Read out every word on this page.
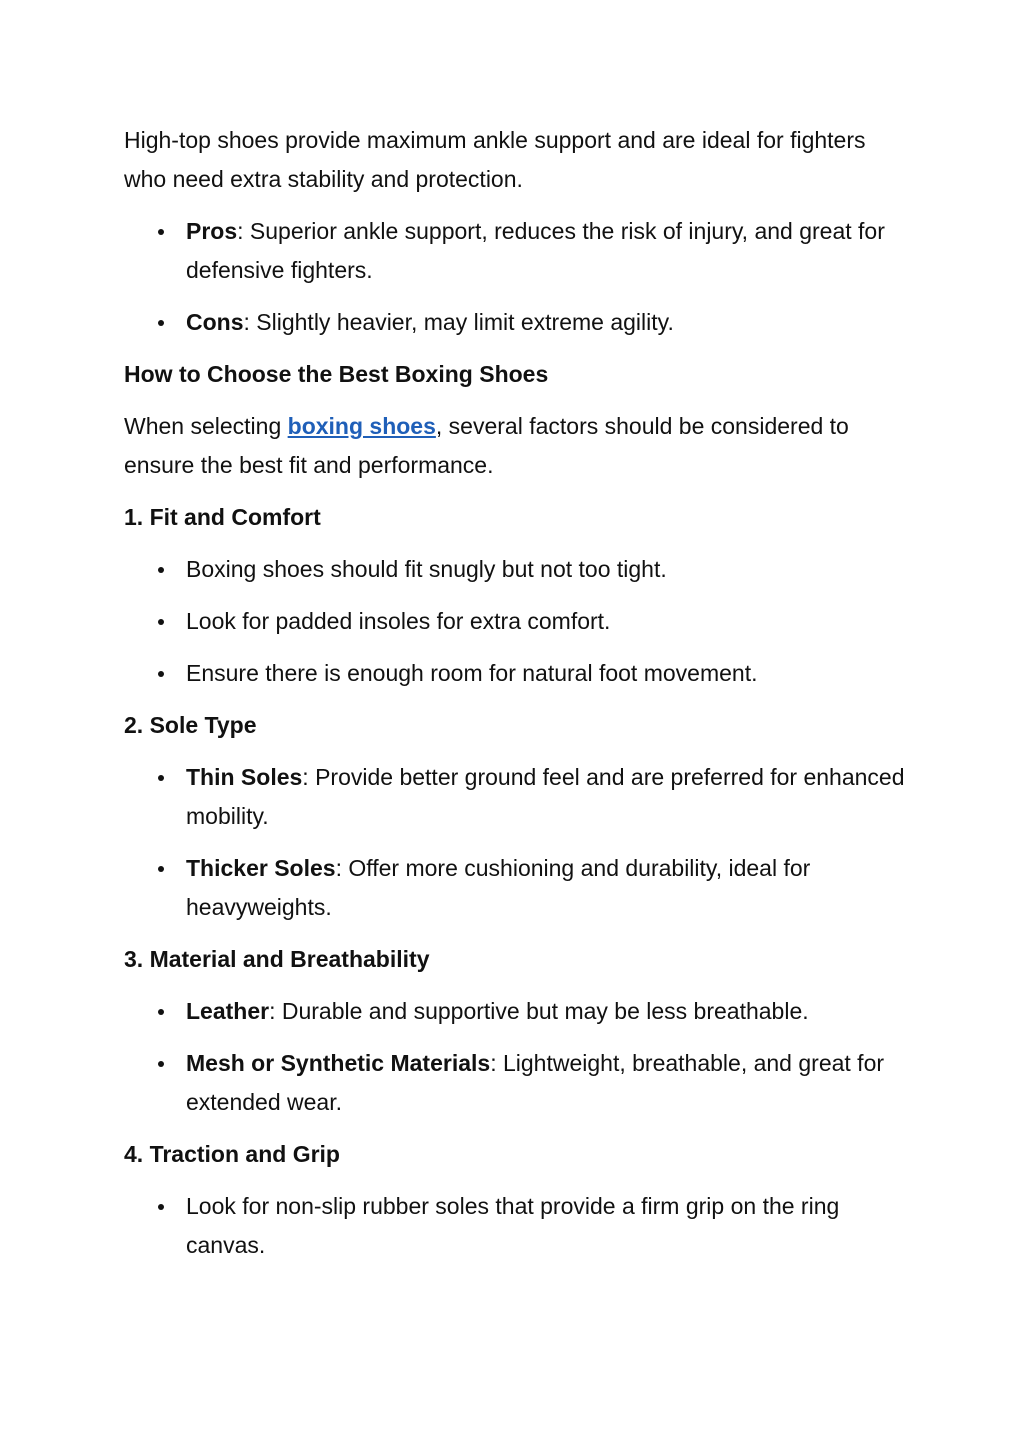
High-top shoes provide maximum ankle support and are ideal for fighters who need extra stability and protection.

Pros: Superior ankle support, reduces the risk of injury, and great for defensive fighters.
Cons: Slightly heavier, may limit extreme agility.
How to Choose the Best Boxing Shoes

When selecting boxing shoes, several factors should be considered to ensure the best fit and performance.

1. Fit and Comfort
Boxing shoes should fit snugly but not too tight.
Look for padded insoles for extra comfort.
Ensure there is enough room for natural foot movement.
2. Sole Type
Thin Soles: Provide better ground feel and are preferred for enhanced mobility.
Thicker Soles: Offer more cushioning and durability, ideal for heavyweights.
3. Material and Breathability
Leather: Durable and supportive but may be less breathable.
Mesh or Synthetic Materials: Lightweight, breathable, and great for extended wear.
4. Traction and Grip
Look for non-slip rubber soles that provide a firm grip on the ring canvas.
